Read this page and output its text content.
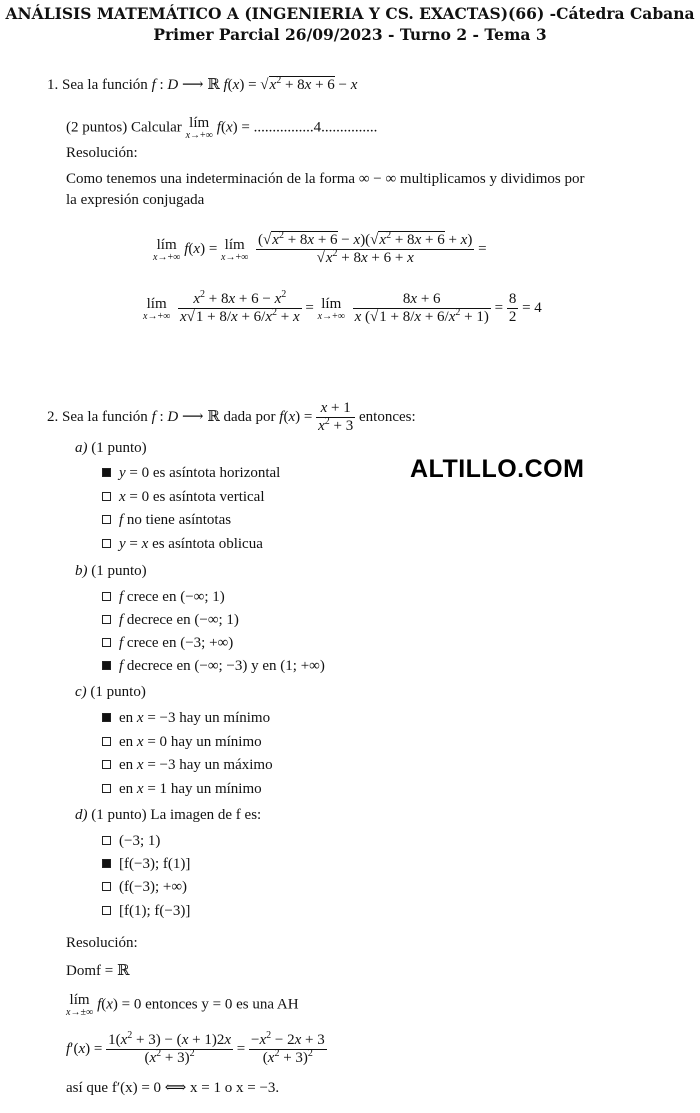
ANÁLISIS MATEMÁTICO A (INGENIERIA Y CS. EXACTAS)(66) -Cátedra Cabana
Primer Parcial 26/09/2023 - Turno 2 - Tema 3
1. Sea la función f : D ⟶ ℝ $f(x) = √x^2 + 8x + 6 - x$
(2 puntos) Calcular lím
x→+∞
f(x) = ................4...............
Resolución:
Como tenemos una indeterminación de la forma ∞ − ∞ multiplicamos y dividimos por
la expresión conjugada
lím
x→+∞
f(x) = lím
x→+∞
$\frac{(√x^2 + 8x + 6 - x)(√x^2 + 8x + 6 + x)}{√x^2 + 8x + 6 + x}$ =
lím
x→+∞
$\frac{x^2 + 8x + 6 - x^2}{x√1 + 8/x + 6/x^2 + x}$ = lím
x→+∞
$\frac{8x + 6}{x (√1 + 8/x + 6/x^2 + 1)} = \frac{8}{2} = 4$
2. Sea la función f : D ⟶ ℝ dada por $f(x) = \frac{x + 1}{x^2 + 3}$ entonces:
ALTILLO.COM
a) (1 punto)
y = 0 es asíntota horizontal
x = 0 es asíntota vertical
f no tiene asíntotas
y = x es asíntota oblicua
b) (1 punto)
f crece en (−∞; 1)
f decrece en (−∞; 1)
f crece en (−3; +∞)
f decrece en (−∞; −3) y en (1; +∞)
c) (1 punto)
en x = −3 hay un mínimo
en x = 0 hay un mínimo
en x = −3 hay un máximo
en x = 1 hay un mínimo
d) (1 punto) La imagen de f es:
(−3; 1)
[f(−3); f(1)]
(f(−3); +∞)
[f(1); f(−3)]
Resolución:
Domf = ℝ
lím
x→±∞
f(x) = 0 entonces y = 0 es una AH
$f'(x) = \frac{1(x^2 + 3) - (x + 1)2x}{(x^2 + 3)^2} = \frac{-x^2 - 2x + 3}{(x^2 + 3)^2}$
así que f′(x) = 0 ⟺ x = 1 o x = −3.
